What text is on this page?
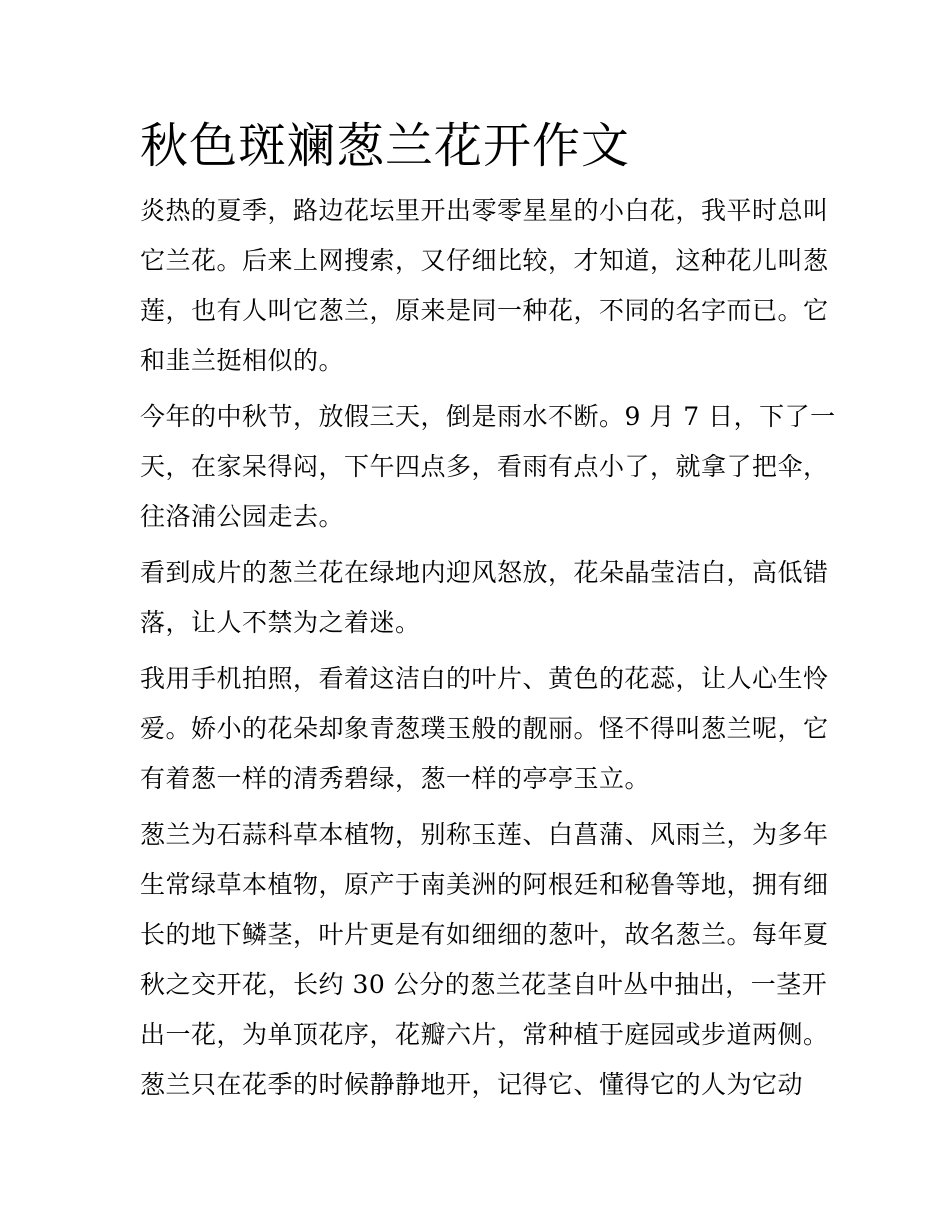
秋色斑斓葱兰花开作文
炎热的夏季，路边花坛里开出零零星星的小白花，我平时总叫
它兰花。后来上网搜索，又仔细比较，才知道，这种花儿叫葱
莲，也有人叫它葱兰，原来是同一种花，不同的名字而已。它
和韭兰挺相似的。
今年的中秋节，放假三天，倒是雨水不断。9 月 7 日，下了一
天，在家呆得闷，下午四点多，看雨有点小了，就拿了把伞，
往洛浦公园走去。
看到成片的葱兰花在绿地内迎风怒放，花朵晶莹洁白，高低错
落，让人不禁为之着迷。
我用手机拍照，看着这洁白的叶片、黄色的花蕊，让人心生怜
爱。娇小的花朵却象青葱璞玉般的靓丽。怪不得叫葱兰呢，它
有着葱一样的清秀碧绿，葱一样的亭亭玉立。
葱兰为石蒜科草本植物，别称玉莲、白菖蒲、风雨兰，为多年
生常绿草本植物，原产于南美洲的阿根廷和秘鲁等地，拥有细
长的地下鳞茎，叶片更是有如细细的葱叶，故名葱兰。每年夏
秋之交开花，长约 30 公分的葱兰花茎自叶丛中抽出，一茎开
出一花，为单顶花序，花瓣六片，常种植于庭园或步道两侧。
葱兰只在花季的时候静静地开，记得它、懂得它的人为它动
